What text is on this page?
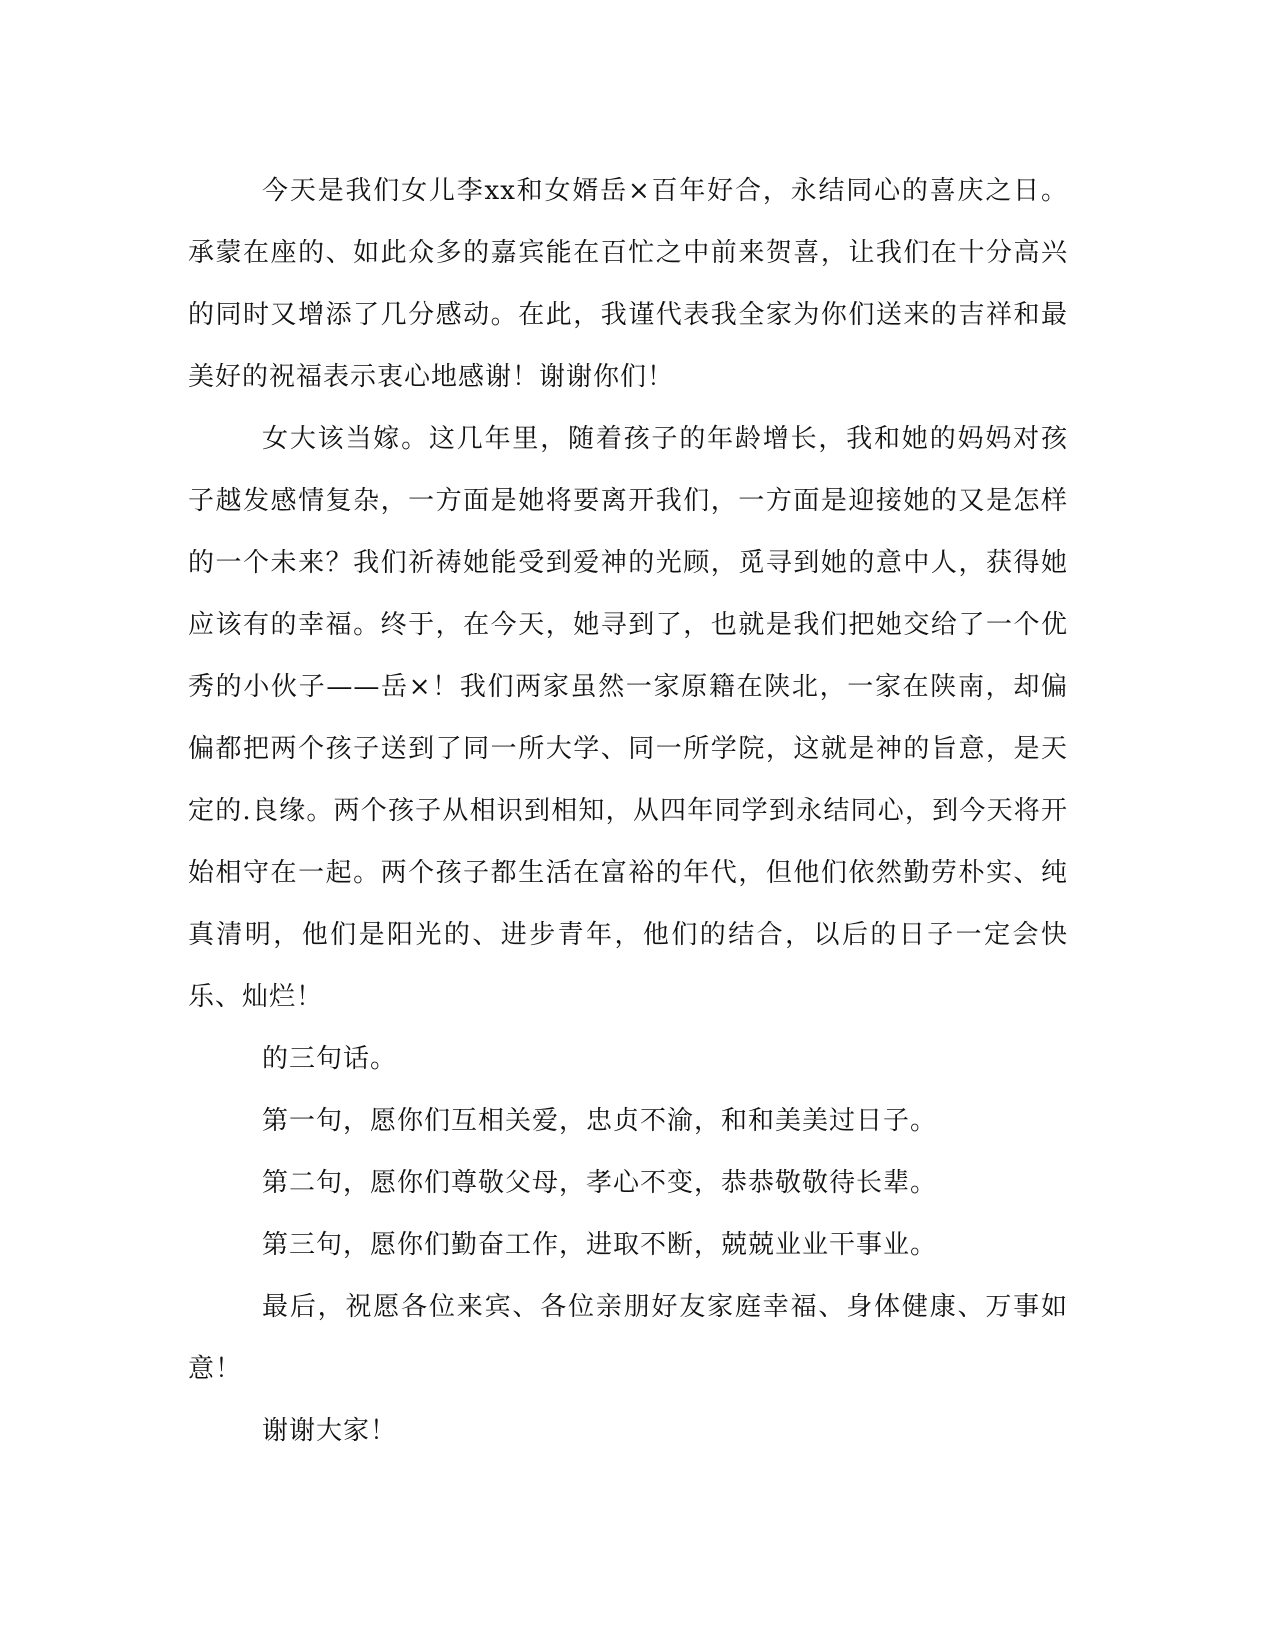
今天是我们女儿李xx和女婿岳×百年好合，永结同心的喜庆之日。承蒙在座的、如此众多的嘉宾能在百忙之中前来贺喜，让我们在十分高兴的同时又增添了几分感动。在此，我谨代表我全家为你们送来的吉祥和最美好的祝福表示衷心地感谢！谢谢你们！

女大该当嫁。这几年里，随着孩子的年龄增长，我和她的妈妈对孩子越发感情复杂，一方面是她将要离开我们，一方面是迎接她的又是怎样的一个未来？我们祈祷她能受到爱神的光顾，觅寻到她的意中人，获得她应该有的幸福。终于，在今天，她寻到了，也就是我们把她交给了一个优秀的小伙子——岳×！我们两家虽然一家原籍在陕北，一家在陕南，却偏偏都把两个孩子送到了同一所大学、同一所学院，这就是神的旨意，是天定的.良缘。两个孩子从相识到相知，从四年同学到永结同心，到今天将开始相守在一起。两个孩子都生活在富裕的年代，但他们依然勤劳朴实、纯真清明，他们是阳光的、进步青年，他们的结合，以后的日子一定会快乐、灿烂！

的三句话。

第一句，愿你们互相关爱，忠贞不渝，和和美美过日子。

第二句，愿你们尊敬父母，孝心不变，恭恭敬敬待长辈。

第三句，愿你们勤奋工作，进取不断，兢兢业业干事业。

最后，祝愿各位来宾、各位亲朋好友家庭幸福、身体健康、万事如意！

谢谢大家！
